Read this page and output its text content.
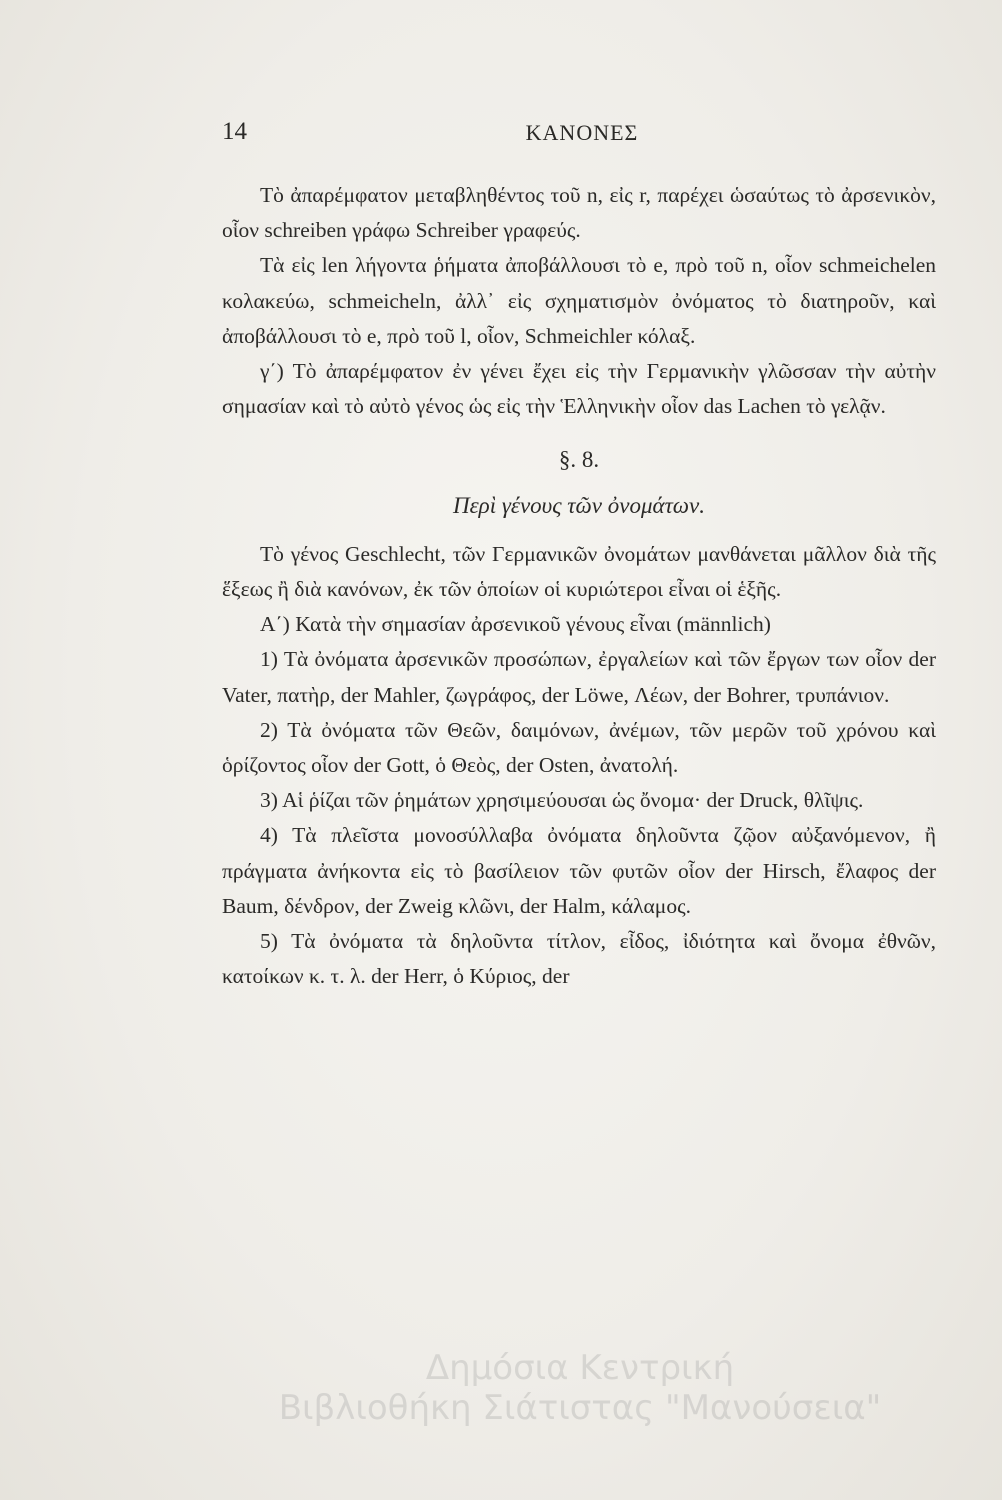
14	ΚΑΝΟΝΕΣ

Τὸ ἀπαρέμφατον μεταβληθέντος τοῦ n, εἰς r, παρέχει ὡσαύτως τὸ ἀρσενικὸν, οἷον schreiben γράφω Schreiber γραφεύς.

Τὰ εἰς len λήγοντα ῥήματα ἀποβάλλουσι τὸ e, πρὸ τοῦ n, οἷον schmeichelen κολακεύω, schmeicheln, ἀλλ᾽ εἰς σχηματισμὸν ὀνόματος τὸ διατηροῦν, καὶ ἀποβάλλουσι τὸ e, πρὸ τοῦ l, οἷον, Schmeichler κόλαξ.

γ΄) Τὸ ἀπαρέμφατον ἐν γένει ἔχει εἰς τὴν Γερμανικὴν γλῶσσαν τὴν αὐτὴν σημασίαν καὶ τὸ αὐτὸ γένος ὡς εἰς τὴν Ἑλληνικὴν οἷον das Lachen τὸ γελᾷν.

§. 8.

Περὶ γένους τῶν ὀνομάτων.

Τὸ γένος Geschlecht, τῶν Γερμανικῶν ὀνομάτων μανθάνεται μᾶλλον διὰ τῆς ἕξεως ἢ διὰ κανόνων, ἐκ τῶν ὁποίων οἱ κυριώτεροι εἶναι οἱ ἑξῆς.

Α΄) Κατὰ τὴν σημασίαν ἀρσενικοῦ γένους εἶναι (männlich)

1) Τὰ ὀνόματα ἀρσενικῶν προσώπων, ἐργαλείων καὶ τῶν ἔργων των οἷον der Vater, πατὴρ, der Mahler, ζωγράφος, der Löwe, Λέων, der Bohrer, τρυπάνιον.

2) Τὰ ὀνόματα τῶν Θεῶν, δαιμόνων, ἀνέμων, τῶν μερῶν τοῦ χρόνου καὶ ὁρίζοντος οἷον der Gott, ὁ Θεὸς, der Osten, ἀνατολή.

3) Αἱ ῥίζαι τῶν ῥημάτων χρησιμεύουσαι ὡς ὄνομα· der Druck, θλῖψις.

4) Τὰ πλεῖστα μονοσύλλαβα ὀνόματα δηλοῦντα ζῷον αὐξανόμενον, ἢ πράγματα ἀνήκοντα εἰς τὸ βασίλειον τῶν φυτῶν οἷον der Hirsch, ἔλαφος der Baum, δένδρον, der Zweig κλῶνι, der Halm, κάλαμος.

5) Τὰ ὀνόματα τὰ δηλοῦντα τίτλον, εἶδος, ἰδιότητα καὶ ὄνομα ἐθνῶν, κατοίκων κ. τ. λ. der Herr, ὁ Κύριος, der

Δημόσια Κεντρική
Βιβλιοθήκη Σιάτιστας "Μανούσεια"
